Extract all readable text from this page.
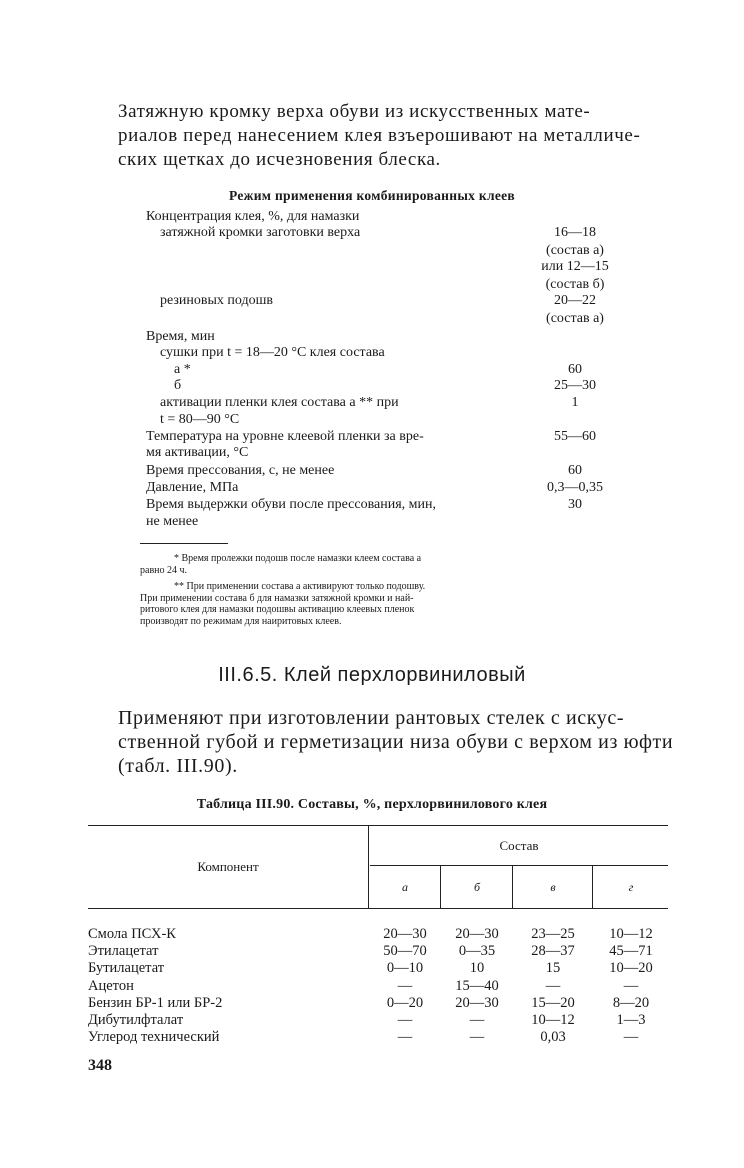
Затяжную кромку верха обуви из искусственных мате-
риалов перед нанесением клея взъерошивают на металличе-
ских щетках до исчезновения блеска.
Режим применения комбинированных клеев
Концентрация клея, %, для намазки
затяжной кромки заготовки верха	16—18
(состав а)
или 12—15
(состав б)
резиновых подошв	20—22
(состав а)
Время, мин
сушки при t = 18—20 °С клея состава
а *	60
б	25—30
активации пленки клея состава а ** при	1
t = 80—90 °С
Температура на уровне клеевой пленки за вре-	55—60
мя активации, °С
Время прессования, с, не менее	60
Давление, МПа	0,3—0,35
Время выдержки обуви после прессования, мин,	30
не менее
* Время пролежки подошв после намазки клеем состава а
равно 24 ч.
** При применении состава а активируют только подошву.
При применении состава б для намазки затяжной кромки и най-
ритового клея для намазки подошвы активацию клеевых пленок
производят по режимам для наиритовых клеев.
III.6.5. Клей перхлорвиниловый
Применяют при изготовлении рантовых стелек с искус-
ственной губой и герметизации низа обуви с верхом из юфти
(табл. III.90).
Таблица III.90. Составы, %, перхлорвинилового клея
Компонент
Состав
а	б	в	г
Смола ПСХ-К	20—30	20—30	23—25	10—12
Этилацетат	50—70	0—35	28—37	45—71
Бутилацетат	0—10	10	15	10—20
Ацетон	—	15—40	—	—
Бензин БР-1 или БР-2	0—20	20—30	15—20	8—20
Дибутилфталат	—	—	10—12	1—3
Углерод технический	—	—	0,03	—
348
